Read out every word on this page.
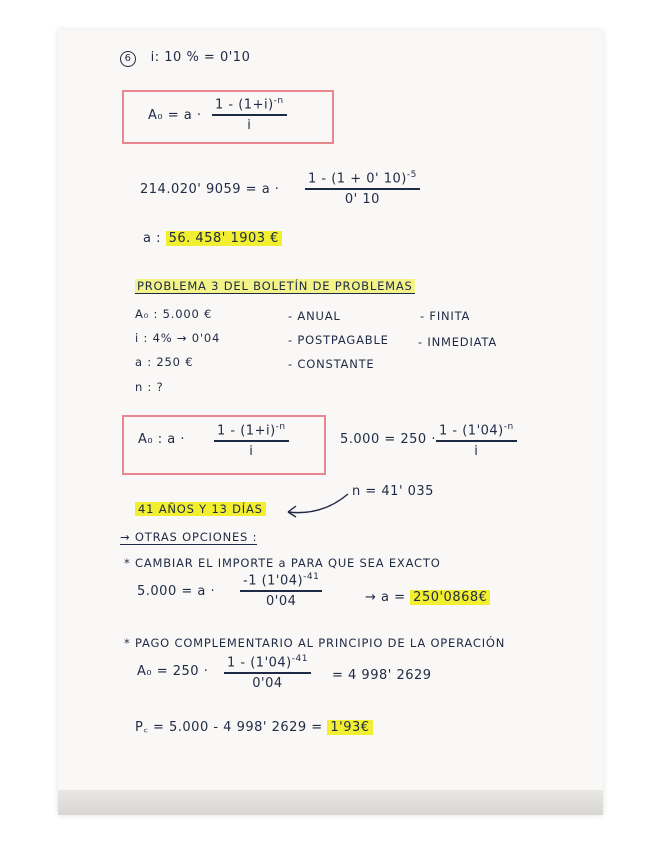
6 i: 10 % = 0'10
A₀ = a ·
$1 - (1+i)^{-n}$
i
214.020' 9059 = a ·
1 - (1 + 0' 10)$^{-5}$
0' 10
a : 56. 458' 1903 €
PROBLEMA 3 DEL BOLETÍN DE PROBLEMAS
A₀ : 5.000 €
i : 4% → 0'04
a : 250 €
n : ?
- ANUAL
- POSTPAGABLE
- CONSTANTE
- FINITA
- INMEDIATA
A₀ : a ·
$1 - (1+i)^{-n}$
i
5.000 = 250 ·
$1 - (1'04)^{-n}$
i
n = 41' 035
41 AÑOS Y 13 DÍAS
→ OTRAS OPCIONES :
* CAMBIAR EL IMPORTE a PARA QUE SEA EXACTO
5.000 = a ·
-1 $(1'04)^{-41}$
0'04	→ a = 250'0868€
* PAGO COMPLEMENTARIO AL PRINCIPIO DE LA OPERACIÓN
A₀ = 250 ·
$1 - (1'04)^{-41}$
0'04
= 4 998' 2629
P꜀ = 5.000 - 4 998' 2629 = 1'93€
